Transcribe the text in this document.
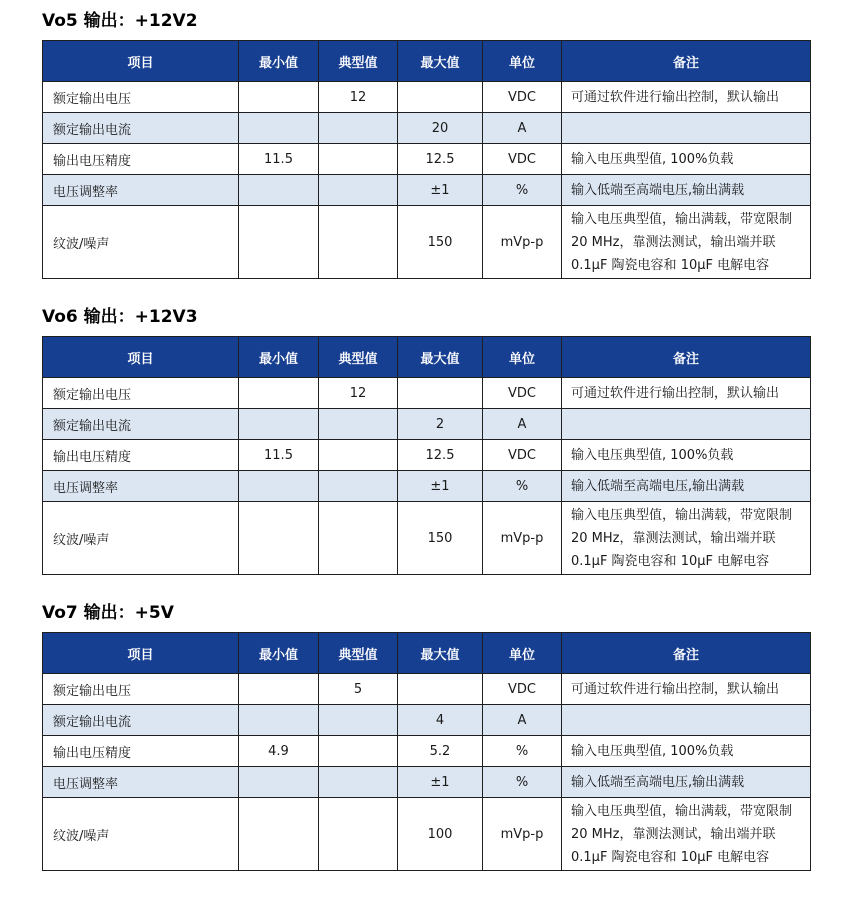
Vo5 输出：+12V2
项目	最小值	典型值	最大值	单位	备注
额定输出电压		12		VDC	可通过软件进行输出控制，默认输出
额定输出电流			20	A	
输出电压精度	11.5		12.5	VDC	输入电压典型值, 100%负载
电压调整率			±1	%	输入低端至高端电压,输出满载
纹波/噪声			150	mVp-p	输入电压典型值，输出满载，带宽限制 20 MHz，靠测法测试，输出端并联 0.1μF 陶瓷电容和 10μF 电解电容
Vo6 输出：+12V3
项目	最小值	典型值	最大值	单位	备注
额定输出电压		12		VDC	可通过软件进行输出控制，默认输出
额定输出电流			2	A	
输出电压精度	11.5		12.5	VDC	输入电压典型值, 100%负载
电压调整率			±1	%	输入低端至高端电压,输出满载
纹波/噪声			150	mVp-p	输入电压典型值，输出满载，带宽限制 20 MHz，靠测法测试，输出端并联 0.1μF 陶瓷电容和 10μF 电解电容
Vo7 输出：+5V
项目	最小值	典型值	最大值	单位	备注
额定输出电压		5		VDC	可通过软件进行输出控制，默认输出
额定输出电流			4	A	
输出电压精度	4.9		5.2	%	输入电压典型值, 100%负载
电压调整率			±1	%	输入低端至高端电压,输出满载
纹波/噪声			100	mVp-p	输入电压典型值，输出满载，带宽限制 20 MHz，靠测法测试，输出端并联 0.1μF 陶瓷电容和 10μF 电解电容
